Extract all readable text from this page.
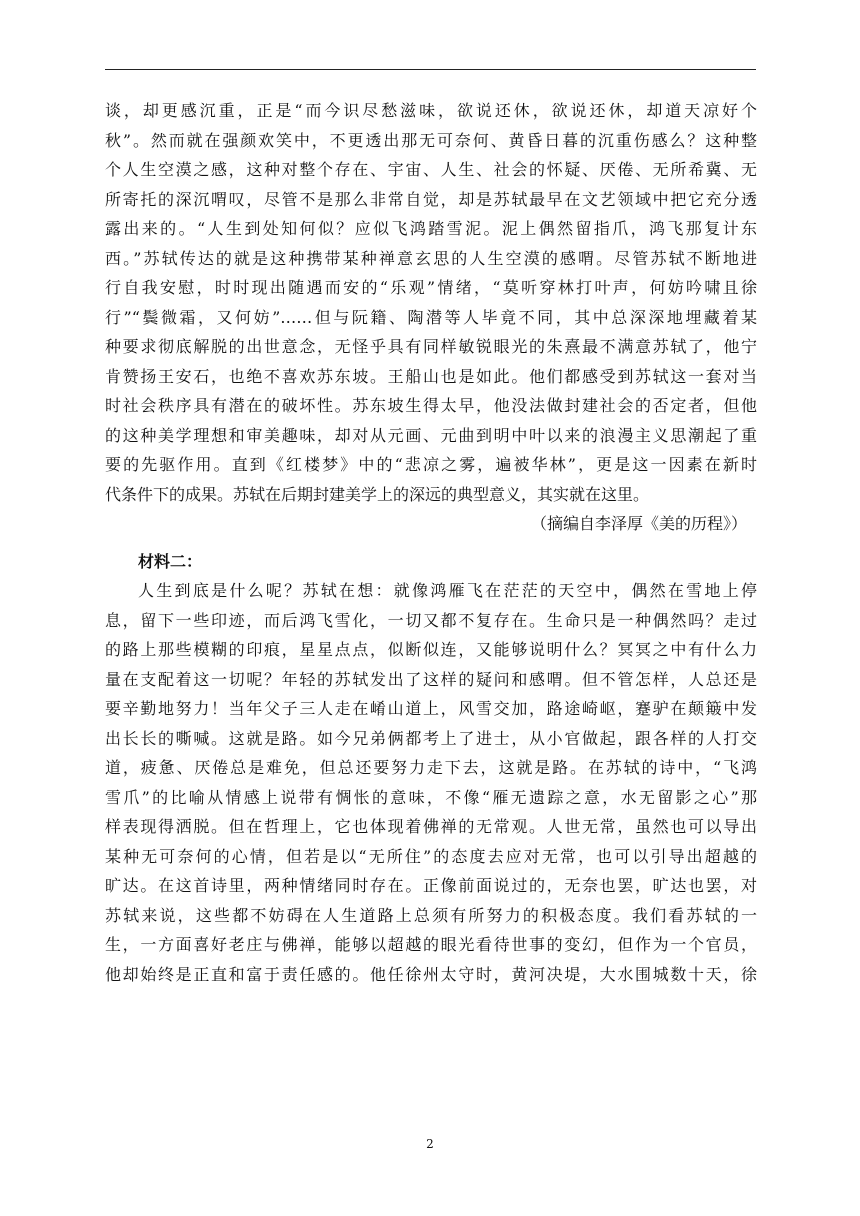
谈，却更感沉重，正是“而今识尽愁滋味，欲说还休，欲说还休，却道天凉好个
秋”。然而就在强颜欢笑中，不更透出那无可奈何、黄昏日暮的沉重伤感么？这种整
个人生空漠之感，这种对整个存在、宇宙、人生、社会的怀疑、厌倦、无所希冀、无
所寄托的深沉喟叹，尽管不是那么非常自觉，却是苏轼最早在文艺领域中把它充分透
露出来的。“人生到处知何似？应似飞鸿踏雪泥。泥上偶然留指爪，鸿飞那复计东
西。”苏轼传达的就是这种携带某种禅意玄思的人生空漠的感喟。尽管苏轼不断地进
行自我安慰，时时现出随遇而安的“乐观”情绪，“莫听穿林打叶声，何妨吟啸且徐
行”“鬓微霜，又何妨”……但与阮籍、陶潜等人毕竟不同，其中总深深地埋藏着某
种要求彻底解脱的出世意念，无怪乎具有同样敏锐眼光的朱熹最不满意苏轼了，他宁
肯赞扬王安石，也绝不喜欢苏东坡。王船山也是如此。他们都感受到苏轼这一套对当
时社会秩序具有潜在的破坏性。苏东坡生得太早，他没法做封建社会的否定者，但他
的这种美学理想和审美趣味，却对从元画、元曲到明中叶以来的浪漫主义思潮起了重
要的先驱作用。直到《红楼梦》中的“悲凉之雾，遍被华林”，更是这一因素在新时
代条件下的成果。苏轼在后期封建美学上的深远的典型意义，其实就在这里。
（摘编自李泽厚《美的历程》）
材料二：
人生到底是什么呢？苏轼在想：就像鸿雁飞在茫茫的天空中，偶然在雪地上停
息，留下一些印迹，而后鸿飞雪化，一切又都不复存在。生命只是一种偶然吗？走过
的路上那些模糊的印痕，星星点点，似断似连，又能够说明什么？冥冥之中有什么力
量在支配着这一切呢？年轻的苏轼发出了这样的疑问和感喟。但不管怎样，人总还是
要辛勤地努力！当年父子三人走在崤山道上，风雪交加，路途崎岖，蹇驴在颠簸中发
出长长的嘶喊。这就是路。如今兄弟俩都考上了进士，从小官做起，跟各样的人打交
道，疲惫、厌倦总是难免，但总还要努力走下去，这就是路。在苏轼的诗中，“飞鸿
雪爪”的比喻从情感上说带有惆怅的意味，不像“雁无遗踪之意，水无留影之心”那
样表现得洒脱。但在哲理上，它也体现着佛禅的无常观。人世无常，虽然也可以导出
某种无可奈何的心情，但若是以“无所住”的态度去应对无常，也可以引导出超越的
旷达。在这首诗里，两种情绪同时存在。正像前面说过的，无奈也罢，旷达也罢，对
苏轼来说，这些都不妨碍在人生道路上总须有所努力的积极态度。我们看苏轼的一
生，一方面喜好老庄与佛禅，能够以超越的眼光看待世事的变幻，但作为一个官员，
他却始终是正直和富于责任感的。他任徐州太守时，黄河决堤，大水围城数十天，徐
2
